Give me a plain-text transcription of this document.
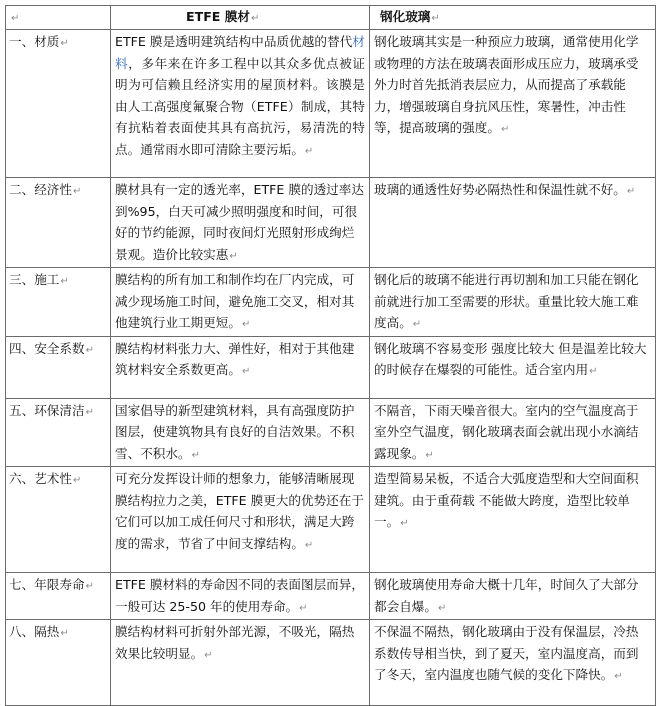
↵	ETFE 膜材↵	钢化玻璃↵
一、材质↵	ETFE 膜是透明建筑结构中品质优越的替代材料，多年来在许多工程中以其众多优点被证明为可信赖且经济实用的屋顶材料。该膜是由人工高强度氟聚合物（ETFE）制成，其特有抗粘着表面使其具有高抗污，易清洗的特点。通常雨水即可清除主要污垢。↵	钢化玻璃其实是一种预应力玻璃，通常使用化学或物理的方法在玻璃表面形成压应力，玻璃承受外力时首先抵消表层应力，从而提高了承载能力，增强玻璃自身抗风压性，寒暑性，冲击性等，提高玻璃的强度。↵
二、经济性↵	膜材具有一定的透光率，ETFE 膜的透过率达到%95，白天可减少照明强度和时间，可很好的节约能源，同时夜间灯光照射形成绚烂景观。造价比较实惠↵	玻璃的通透性好势必隔热性和保温性就不好。↵
三、施工↵	膜结构的所有加工和制作均在厂内完成，可减少现场施工时间，避免施工交叉，相对其他建筑行业工期更短。↵	钢化后的玻璃不能进行再切割和加工只能在钢化前就进行加工至需要的形状。重量比较大施工难度高。↵
四、安全系数↵	膜结构材料张力大、弹性好，相对于其他建筑材料安全系数更高。↵	钢化玻璃不容易变形 强度比较大 但是温差比较大的时候存在爆裂的可能性。适合室内用↵
五、环保清洁↵	国家倡导的新型建筑材料，具有高强度防护图层，使建筑物具有良好的自洁效果。不积雪、不积水。↵	不隔音，下雨天噪音很大。室内的空气温度高于室外空气温度，钢化玻璃表面会就出现小水滴结露现象。↵
六、艺术性↵	可充分发挥设计师的想象力，能够清晰展现膜结构拉力之美，ETFE 膜更大的优势还在于它们可以加工成任何尺寸和形状，满足大跨度的需求，节省了中间支撑结构。↵	造型简易呆板，不适合大弧度造型和大空间面积建筑。由于重荷载 不能做大跨度，造型比较单一。↵
七、年限寿命↵	ETFE 膜材料的寿命因不同的表面图层而异，一般可达 25-50 年的使用寿命。↵	钢化玻璃使用寿命大概十几年，时间久了大部分都会自爆。↵
八、隔热↵	膜结构材料可折射外部光源，不吸光，隔热效果比较明显。↵	不保温不隔热，钢化玻璃由于没有保温层，冷热系数传导相当快，到了夏天，室内温度高，而到了冬天，室内温度也随气候的变化下降快。↵
